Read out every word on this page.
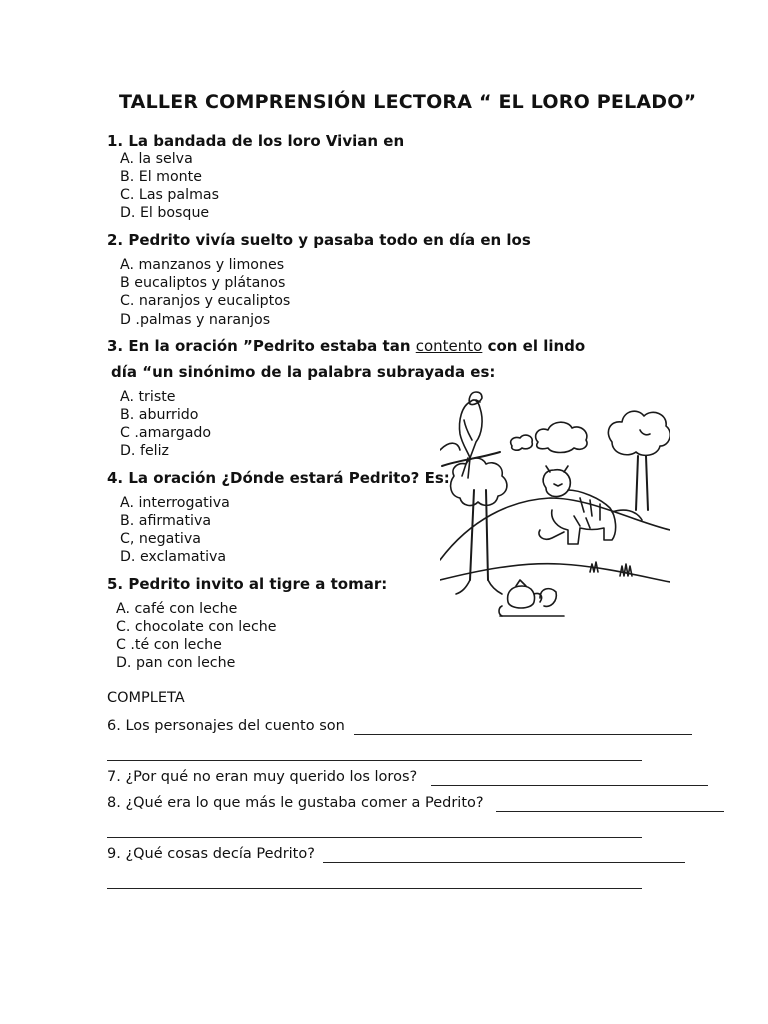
TALLER COMPRENSIÓN LECTORA “ EL LORO PELADO”
1. La bandada de los loro Vivian en
A. la selva
B. El monte
C. Las palmas
D. El bosque
2. Pedrito vivía suelto y pasaba todo en día en los
A. manzanos y limones
B eucaliptos y plátanos
C. naranjos y eucaliptos
D .palmas y naranjos
3. En la oración ”Pedrito estaba tan contento con el lindo
día “un sinónimo de la palabra subrayada es:
A. triste
B. aburrido
C .amargado
D. feliz
4. La oración ¿Dónde estará Pedrito? Es:
A. interrogativa
B. afirmativa
C, negativa
D. exclamativa
5. Pedrito invito al tigre a tomar:
A. café con leche
C. chocolate con leche
C .té con leche
D. pan con leche
COMPLETA
6. Los personajes del cuento son
7. ¿Por qué no eran muy querido los loros?
8. ¿Qué era lo que más le gustaba comer a Pedrito?
9. ¿Qué cosas decía Pedrito?
